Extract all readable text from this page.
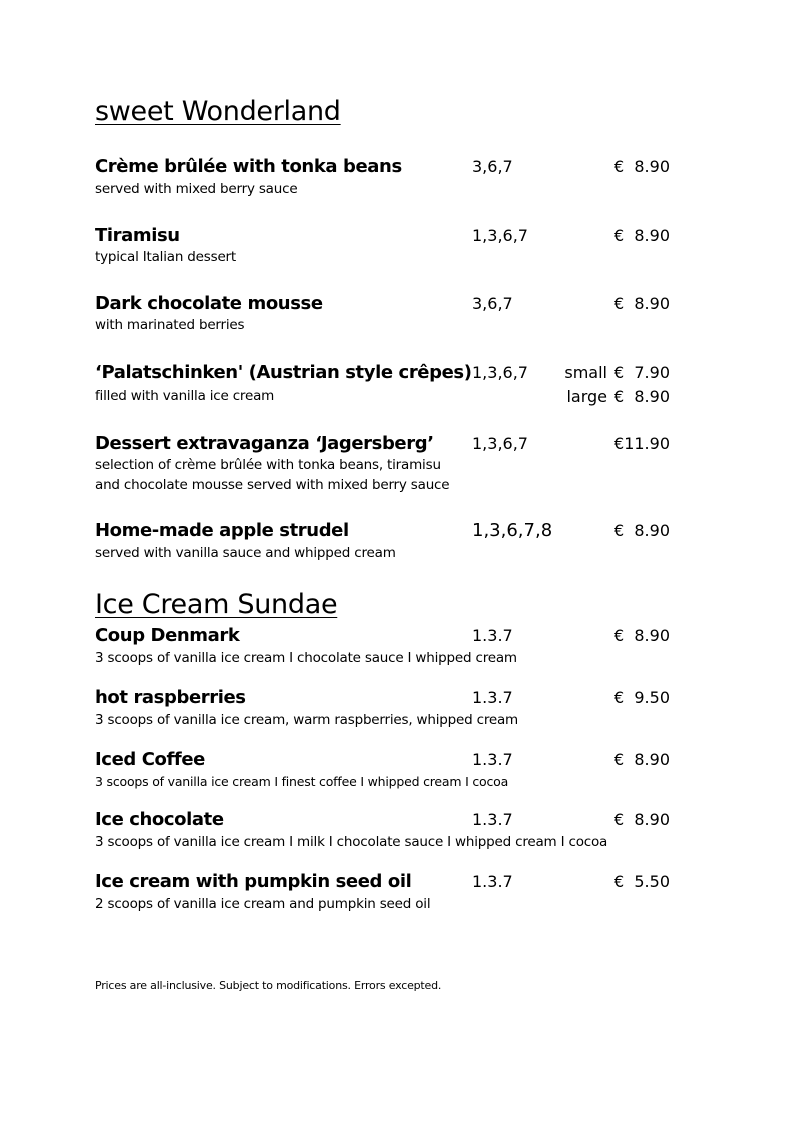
sweet Wonderland
Crème brûlée with tonka beans	3,6,7	€ 8.90
served with mixed berry sauce
Tiramisu	1,3,6,7	€ 8.90
typical Italian dessert
Dark chocolate mousse	3,6,7	€ 8.90
with marinated berries
‘Palatschinken' (Austrian style crêpes) 1,3,6,7 small € 7.90
filled with vanilla ice cream	large € 8.90
Dessert extravaganza ‘Jagersberg’ 1,3,6,7	€ 11.90
selection of crème brûlée with tonka beans, tiramisu
and chocolate mousse served with mixed berry sauce
Home-made apple strudel	1,3,6,7,8	€ 8.90
served with vanilla sauce and whipped cream
Ice Cream Sundae
Coup Denmark	1.3.7	€ 8.90
3 scoops of vanilla ice cream I chocolate sauce I whipped cream
hot raspberries	1.3.7	€ 9.50
3 scoops of vanilla ice cream, warm raspberries, whipped cream
Iced Coffee	1.3.7	€ 8.90
3 scoops of vanilla ice cream I finest coffee I whipped cream I cocoa
Ice chocolate	1.3.7	€ 8.90
3 scoops of vanilla ice cream I milk I chocolate sauce I whipped cream I cocoa
Ice cream with pumpkin seed oil	1.3.7	€ 5.50
2 scoops of vanilla ice cream and pumpkin seed oil
Prices are all-inclusive. Subject to modifications. Errors excepted.
